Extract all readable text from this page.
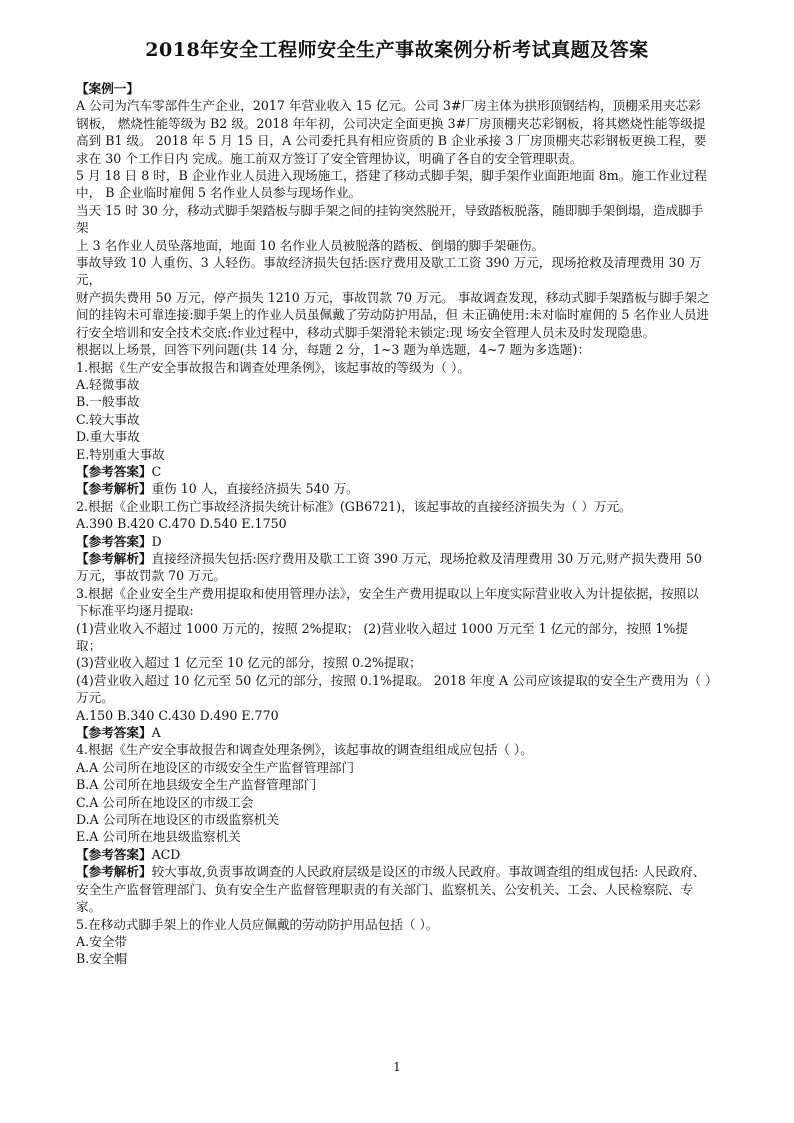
2018年安全工程师安全生产事故案例分析考试真题及答案

【案例一】

A 公司为汽车零部件生产企业，2017 年营业收入 15 亿元。公司 3#厂房主体为拱形顶钢结构，顶棚采用夹芯彩钢板， 燃烧性能等级为 B2 级。2018 年年初，公司决定全面更换 3#厂房顶棚夹芯彩钢板，将其燃烧性能等级提高到 B1 级。 2018 年 5 月 15 日，A 公司委托具有相应资质的 B 企业承接 3 厂房顶棚夹芯彩钢板更换工程，要求在 30 个工作日内 完成。施工前双方签订了安全管理协议，明确了各自的安全管理职责。

5 月 18 日 8 时，B 企业作业人员进入现场施工，搭建了移动式脚手架，脚手架作业面距地面 8m。施工作业过程中， B 企业临时雇佣 5 名作业人员参与现场作业。

当天 15 时 30 分，移动式脚手架踏板与脚手架之间的挂钩突然脱开，导致踏板脱落，随即脚手架倒塌，造成脚手架

上 3 名作业人员坠落地面，地面 10 名作业人员被脱落的踏板、倒塌的脚手架砸伤。

事故导致 10 人重伤、3 人轻伤。事故经济损失包括:医疗费用及歇工工资 390 万元，现场抢救及清理费用 30 万元，

财产损失费用 50 万元，停产损失 1210 万元，事故罚款 70 万元。 事故调查发现，移动式脚手架踏板与脚手架之间的挂钩未可靠连接:脚手架上的作业人员虽佩戴了劳动防护用品，但 未正确使用:未对临时雇佣的 5 名作业人员进行安全培训和安全技术交底:作业过程中，移动式脚手架滑轮未锁定:现 场安全管理人员未及时发现隐患。

根据以上场景，回答下列问题(共 14 分，每题 2 分，1~3 题为单选题，4~7 题为多选题)：

1.根据《生产安全事故报告和调查处理条例》，该起事故的等级为（ ）。

A.轻微事故

B.一般事故

C.较大事故

D.重大事故

E.特别重大事故

【参考答案】C

【参考解析】重伤 10 人，直接经济损失 540 万。

2.根据《企业职工伤亡事故经济损失统计标准》(GB6721)，该起事故的直接经济损失为（ ）万元。

A.390 B.420 C.470 D.540 E.1750

【参考答案】D

【参考解析】直接经济损失包括:医疗费用及歇工工资 390 万元，现场抢救及清理费用 30 万元,财产损失费用 50 万元，事故罚款 70 万元。

3.根据《企业安全生产费用提取和使用管理办法》，安全生产费用提取以上年度实际营业收入为计提依据，按照以 下标准平均逐月提取:

(1)营业收入不超过 1000 万元的，按照 2%提取； (2)营业收入超过 1000 万元至 1 亿元的部分，按照 1%提取；

(3)营业收入超过 1 亿元至 10 亿元的部分，按照 0.2%提取；

(4)营业收入超过 10 亿元至 50 亿元的部分，按照 0.1%提取。 2018 年度 A 公司应该提取的安全生产费用为（ ）万元。

A.150 B.340 C.430 D.490 E.770

【参考答案】A

4.根据《生产安全事故报告和调查处理条例》，该起事故的调查组组成应包括（ ）。

A.A 公司所在地设区的市级安全生产监督管理部门

B.A 公司所在地县级安全生产监督管理部门

C.A 公司所在地设区的市级工会

D.A 公司所在地设区的市级监察机关

E.A 公司所在地县级监察机关

【参考答案】ACD

【参考解析】较大事故,负责事故调查的人民政府层级是设区的市级人民政府。事故调查组的组成包括: 人民政府、 安全生产监督管理部门、负有安全生产监督管理职责的有关部门、监察机关、公安机关、工会、人民检察院、专家。

5.在移动式脚手架上的作业人员应佩戴的劳动防护用品包括（ ）。

A.安全带

B.安全帽

1
